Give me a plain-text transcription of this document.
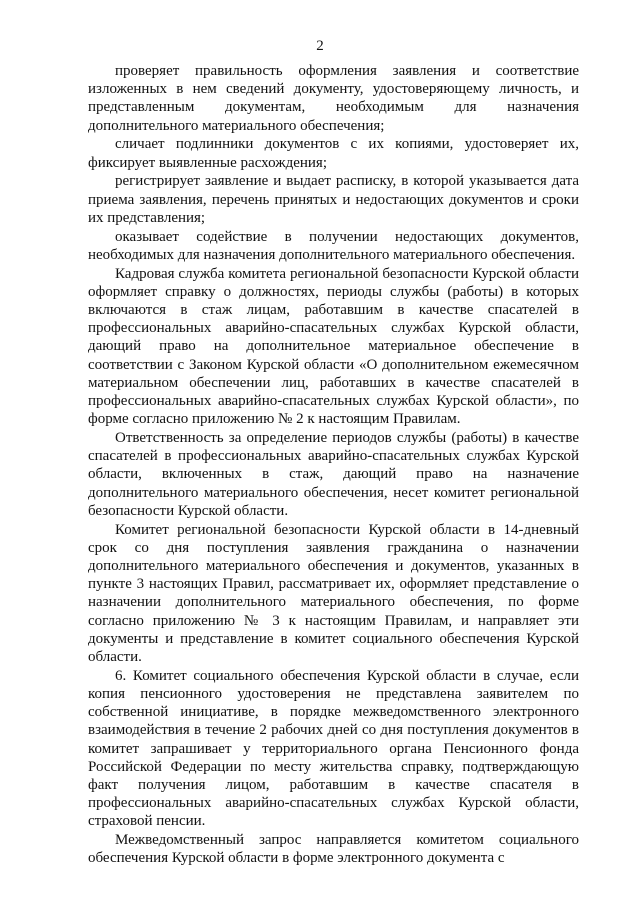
2

проверяет правильность оформления заявления и соответствие изложенных в нем сведений документу, удостоверяющему личность, и представленным документам, необходимым для назначения дополнительного материального обеспечения;

сличает подлинники документов с их копиями, удостоверяет их, фиксирует выявленные расхождения;

регистрирует заявление и выдает расписку, в которой указывается дата приема заявления, перечень принятых и недостающих документов и сроки их представления;

оказывает содействие в получении недостающих документов, необходимых для назначения дополнительного материального обеспечения.

Кадровая служба комитета региональной безопасности Курской области оформляет справку о должностях, периоды службы (работы) в которых включаются в стаж лицам, работавшим в качестве спасателей в профессиональных аварийно-спасательных службах Курской области, дающий право на дополнительное материальное обеспечение в соответствии с Законом Курской области «О дополнительном ежемесячном материальном обеспечении лиц, работавших в качестве спасателей в профессиональных аварийно-спасательных службах Курской области», по форме согласно приложению № 2 к настоящим Правилам.

Ответственность за определение периодов службы (работы) в качестве спасателей в профессиональных аварийно-спасательных службах Курской области, включенных в стаж, дающий право на назначение дополнительного материального обеспечения, несет комитет региональной безопасности Курской области.

Комитет региональной безопасности Курской области в 14-дневный срок со дня поступления заявления гражданина о назначении дополнительного материального обеспечения и документов, указанных в пункте 3 настоящих Правил, рассматривает их, оформляет представление о назначении дополнительного материального обеспечения, по форме согласно приложению № 3 к настоящим Правилам, и направляет эти документы и представление в комитет социального обеспечения Курской области.

6. Комитет социального обеспечения Курской области в случае, если копия пенсионного удостоверения не представлена заявителем по собственной инициативе, в порядке межведомственного электронного взаимодействия в течение 2 рабочих дней со дня поступления документов в комитет запрашивает у территориального органа Пенсионного фонда Российской Федерации по месту жительства справку, подтверждающую факт получения лицом, работавшим в качестве спасателя в профессиональных аварийно-спасательных службах Курской области, страховой пенсии.

Межведомственный запрос направляется комитетом социального обеспечения Курской области в форме электронного документа с
